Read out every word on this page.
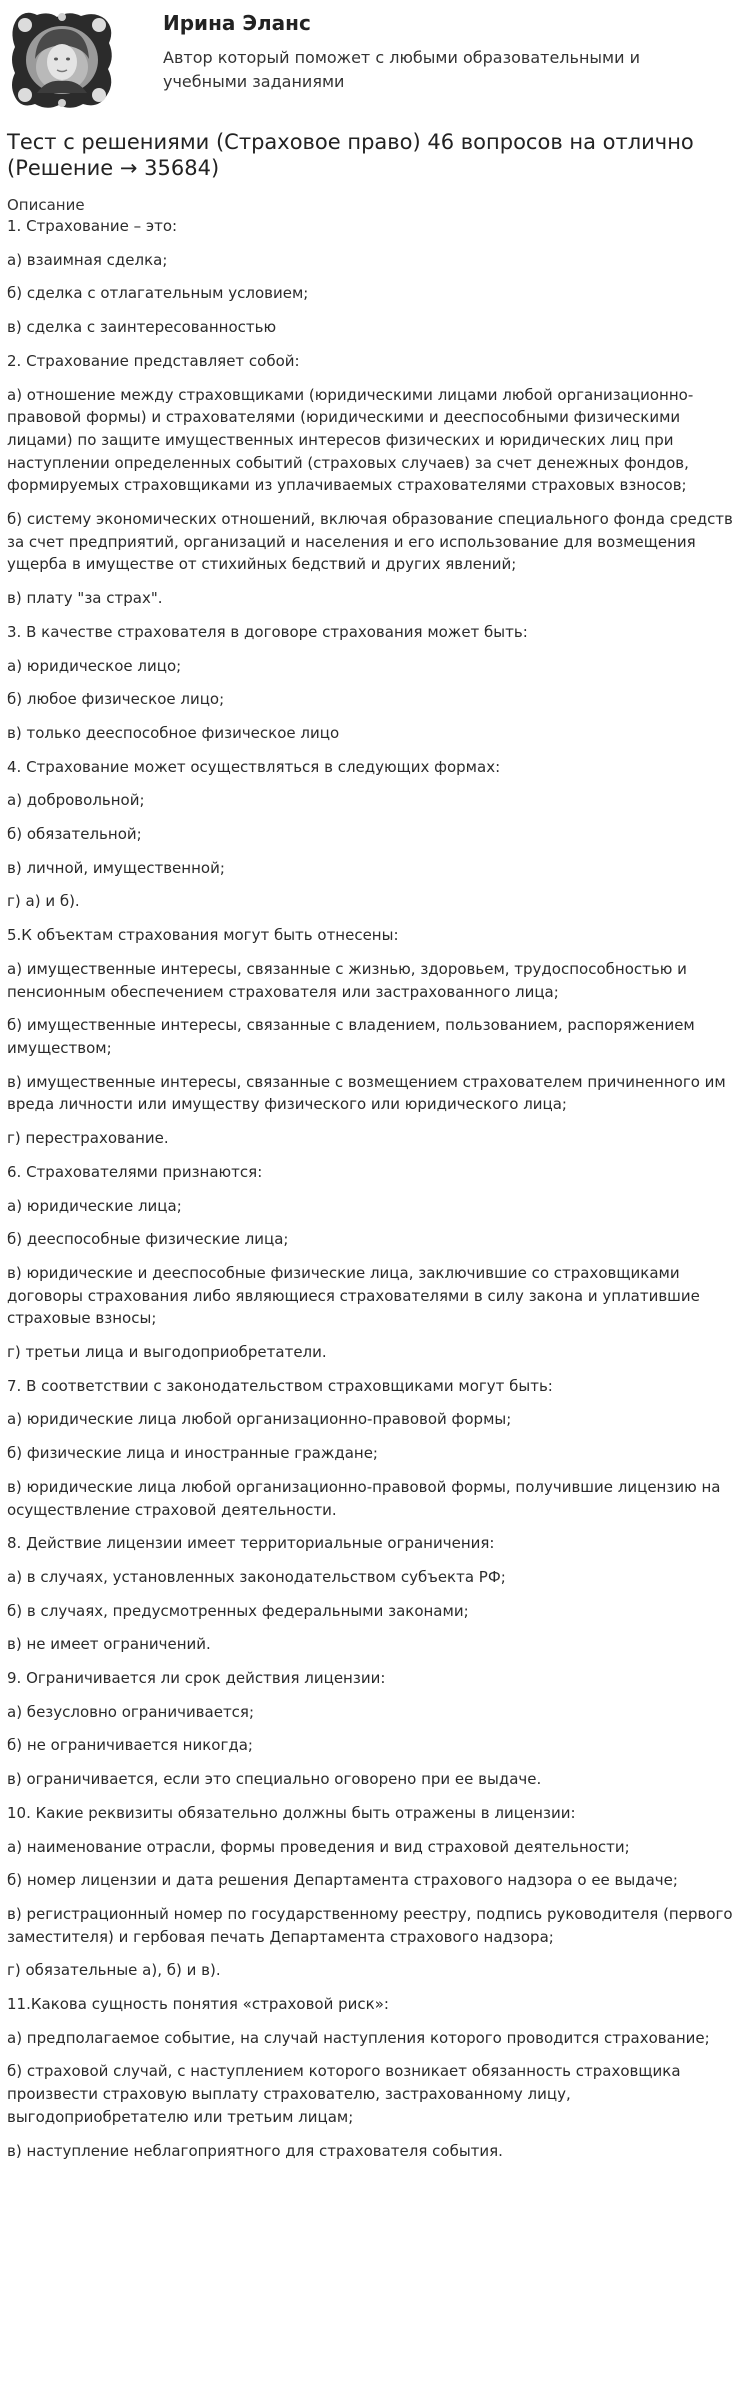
Ирина Эланс

Автор который поможет с любыми образовательными и учебными заданиями

Тест с решениями (Страховое право) 46 вопросов на отлично (Решение → 35684)
Описание

1. Страхование – это:

а) взаимная сделка;

б) сделка с отлагательным условием;

в) сделка с заинтересованностью

2. Страхование представляет собой:

а) отношение между страховщиками (юридическими лицами любой организационно-правовой формы) и страхователями (юридическими и дееспособными физическими лицами) по защите имущественных интересов физических и юридических лиц при наступлении определенных событий (страховых случаев) за счет денежных фондов, формируемых страховщиками из уплачиваемых страхователями страховых взносов;

б) систему экономических отношений, включая образование специального фонда средств за счет предприятий, организаций и населения и его использование для возмещения ущерба в имуществе от стихийных бедствий и других явлений;

в) плату "за страх".

3. В качестве страхователя в договоре страхования может быть:

а) юридическое лицо;

б) любое физическое лицо;

в) только дееспособное физическое лицо

4. Страхование может осуществляться в следующих формах:

а) добровольной;

б) обязательной;

в) личной, имущественной;

г) а) и б).

5.К объектам страхования могут быть отнесены:

а) имущественные интересы, связанные с жизнью, здоровьем, трудоспособностью и пенсионным обеспечением страхователя или застрахованного лица;

б) имущественные интересы, связанные с владением, пользованием, распоряжением имуществом;

в) имущественные интересы, связанные с возмещением страхователем причиненного им вреда личности или имуществу физического или юридического лица;

г) перестрахование.

6. Страхователями признаются:

а) юридические лица;

б) дееспособные физические лица;

в) юридические и дееспособные физические лица, заключившие со страховщиками договоры страхования либо являющиеся страхователями в силу закона и уплатившие страховые взносы;

г) третьи лица и выгодоприобретатели.

7. В соответствии с законодательством страховщиками могут быть:

а) юридические лица любой организационно-правовой формы;

б) физические лица и иностранные граждане;

в) юридические лица любой организационно-правовой формы, получившие лицензию на осуществление страховой деятельности.

8. Действие лицензии имеет территориальные ограничения:

а) в случаях, установленных законодательством субъекта РФ;

б) в случаях, предусмотренных федеральными законами;

в) не имеет ограничений.

9. Ограничивается ли срок действия лицензии:

а) безусловно ограничивается;

б) не ограничивается никогда;

в) ограничивается, если это специально оговорено при ее выдаче.

10. Какие реквизиты обязательно должны быть отражены в лицензии:

а) наименование отрасли, формы проведения и вид страховой деятельности;

б) номер лицензии и дата решения Департамента страхового надзора о ее выдаче;

в) регистрационный номер по государственному реестру, подпись руководителя (первого заместителя) и гербовая печать Департамента страхового надзора;

г) обязательные а), б) и в).

11.Какова сущность понятия «страховой риск»:

а) предполагаемое событие, на случай наступления которого проводится страхование;

б) страховой случай, с наступлением которого возникает обязанность страховщика произвести страховую выплату страхователю, застрахованному лицу, выгодоприобретателю или третьим лицам;

в) наступление неблагоприятного для страхователя события.
